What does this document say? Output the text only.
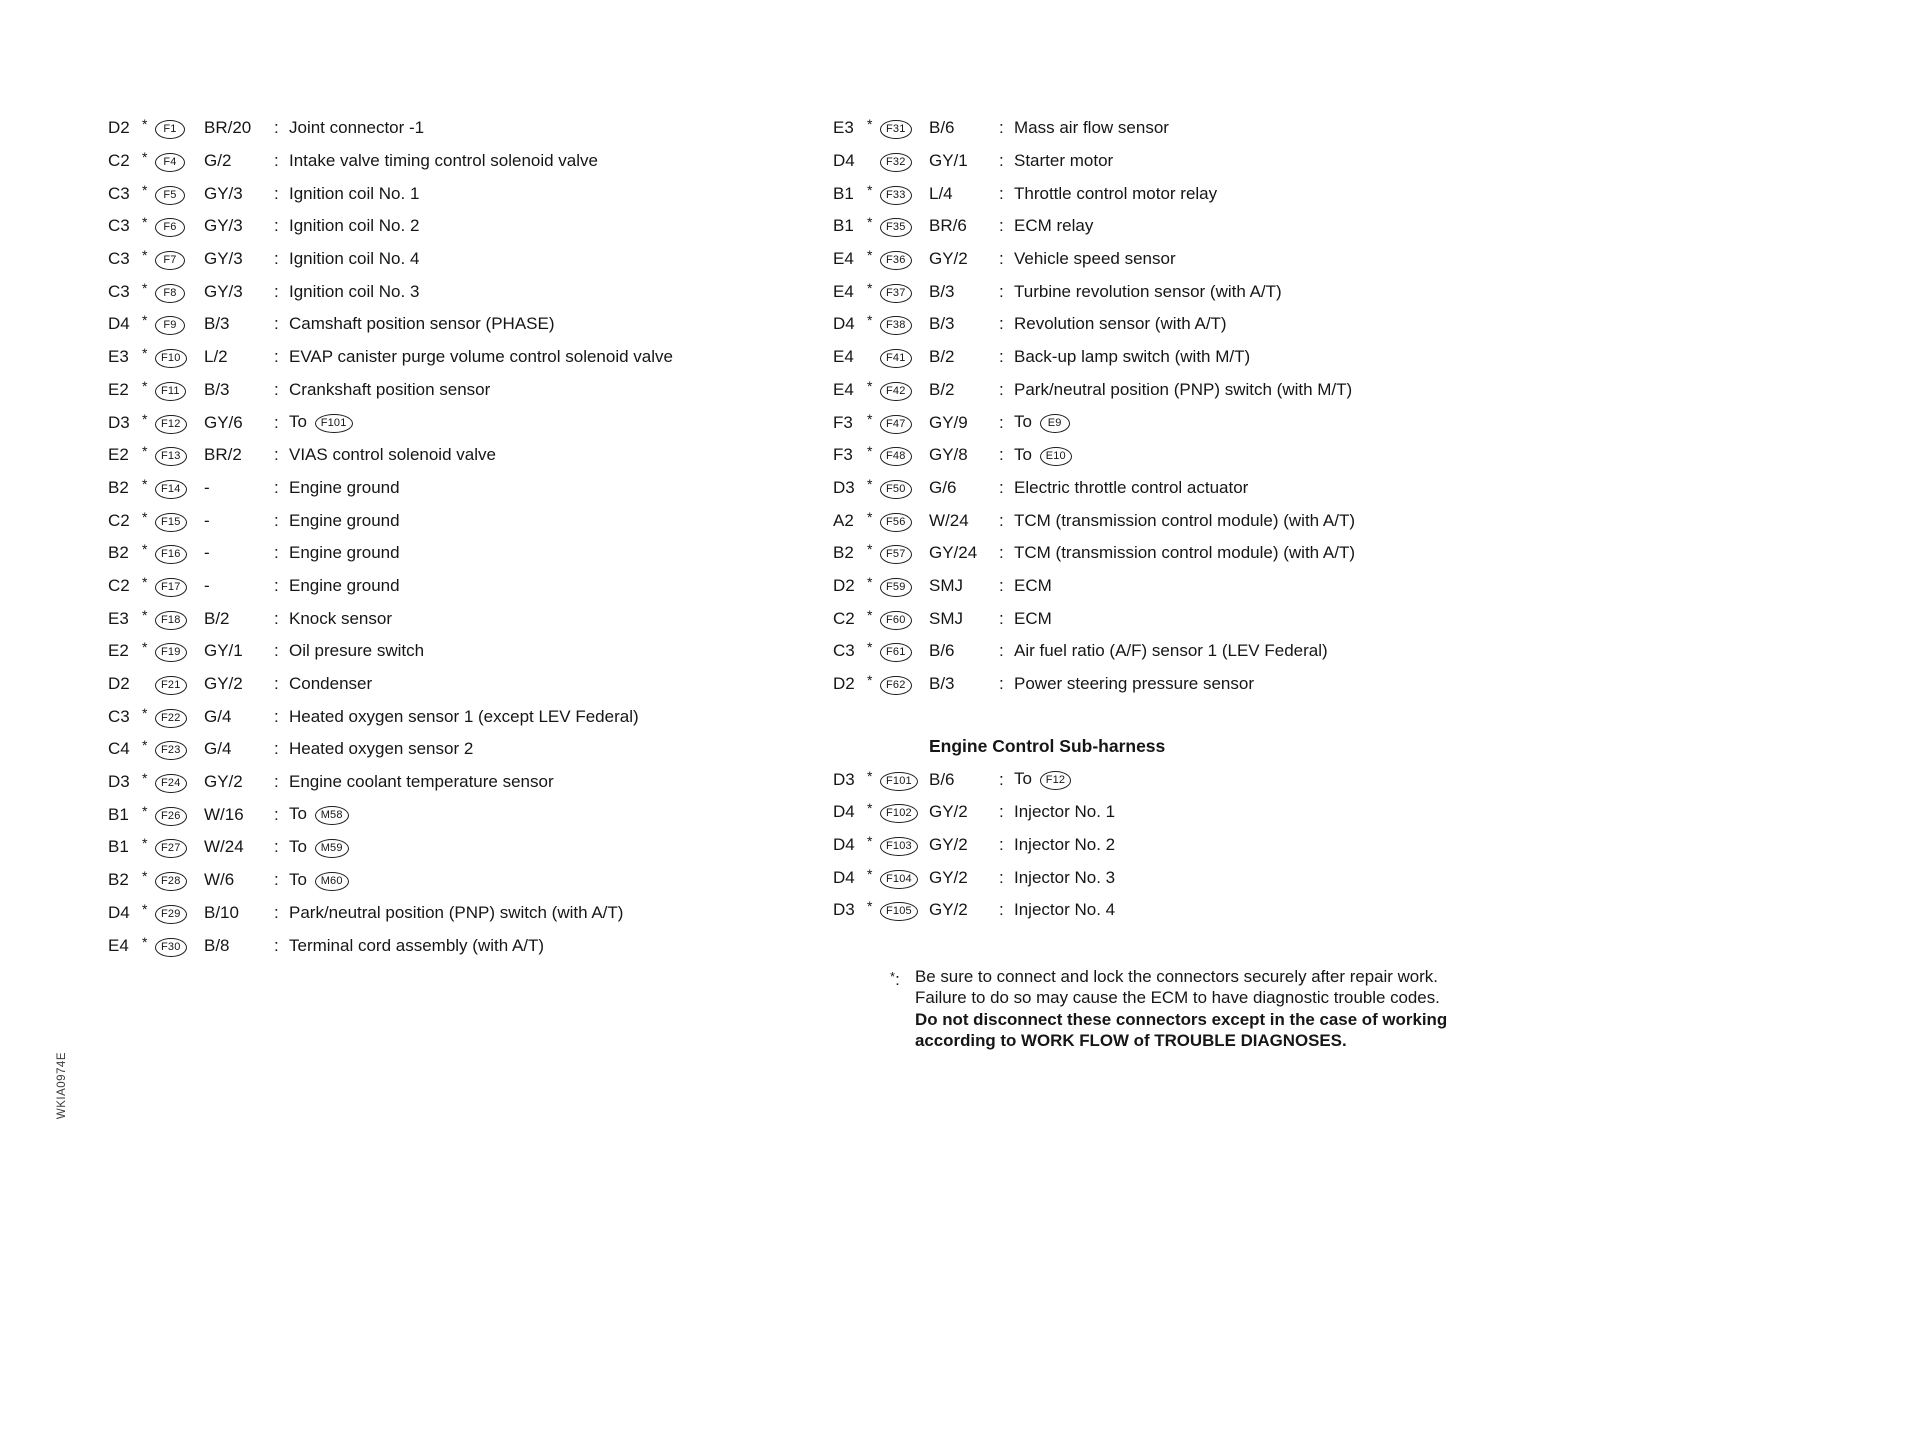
D2 *	F1	BR/20	: Joint connector -1
C2 *	F4	G/2	: Intake valve timing control solenoid valve
C3 *	F5	GY/3	: Ignition coil No. 1
C3 *	F6	GY/3	: Ignition coil No. 2
C3 *	F7	GY/3	: Ignition coil No. 4
C3 *	F8	GY/3	: Ignition coil No. 3
D4 *	F9	B/3	: Camshaft position sensor (PHASE)
E3 *	F10	L/2	: EVAP canister purge volume control solenoid valve
E2 *	F11	B/3	: Crankshaft position sensor
D3 *	F12	GY/6	: To F101
E2 *	F13	BR/2	: VIAS control solenoid valve
B2 *	F14	-	: Engine ground
C2 *	F15	-	: Engine ground
B2 *	F16	-	: Engine ground
C2 *	F17	-	: Engine ground
E3 *	F18	B/2	: Knock sensor
E2 *	F19	GY/1	: Oil presure switch
D2	F21	GY/2	: Condenser
C3 *	F22	G/4	: Heated oxygen sensor 1 (except LEV Federal)
C4 *	F23	G/4	: Heated oxygen sensor 2
D3 *	F24	GY/2	: Engine coolant temperature sensor
B1 *	F26	W/16	: To M58
B1 *	F27	W/24	: To M59
B2 *	F28	W/6	: To M60
D4 *	F29	B/10	: Park/neutral position (PNP) switch (with A/T)
E4 *	F30	B/8	: Terminal cord assembly (with A/T)
E3 *	F31	B/6	: Mass air flow sensor
D4	F32	GY/1	: Starter motor
B1 *	F33	L/4	: Throttle control motor relay
B1 *	F35	BR/6	: ECM relay
E4 *	F36	GY/2	: Vehicle speed sensor
E4 *	F37	B/3	: Turbine revolution sensor (with A/T)
D4 *	F38	B/3	: Revolution sensor (with A/T)
E4	F41	B/2	: Back-up lamp switch (with M/T)
E4 *	F42	B/2	: Park/neutral position (PNP) switch (with M/T)
F3	*	F47	GY/9	: To E9
F3	*	F48	GY/8	: To E10
D3 *	F50	G/6	: Electric throttle control actuator
A2 *	F56	W/24	: TCM (transmission control module) (with A/T)
B2 *	F57	GY/24	: TCM (transmission control module) (with A/T)
D2 *	F59	SMJ	: ECM
C2 *	F60	SMJ	: ECM
C3 *	F61	B/6	: Air fuel ratio (A/F) sensor 1 (LEV Federal)
D2 *	F62	B/3	: Power steering pressure sensor
Engine Control Sub-harness
D3 *	F101	B/6	: To F12
D4 *	F102	GY/2	: Injector No. 1
D4 *	F103	GY/2	: Injector No. 2
D4 *	F104	GY/2	: Injector No. 3
D3 *	F105	GY/2	: Injector No. 4
*: Be sure to connect and lock the connectors securely after repair work.
Failure to do so may cause the ECM to have diagnostic trouble codes.
Do not disconnect these connectors except in the case of working
according to WORK FLOW of TROUBLE DIAGNOSES.
WKIA0974E
